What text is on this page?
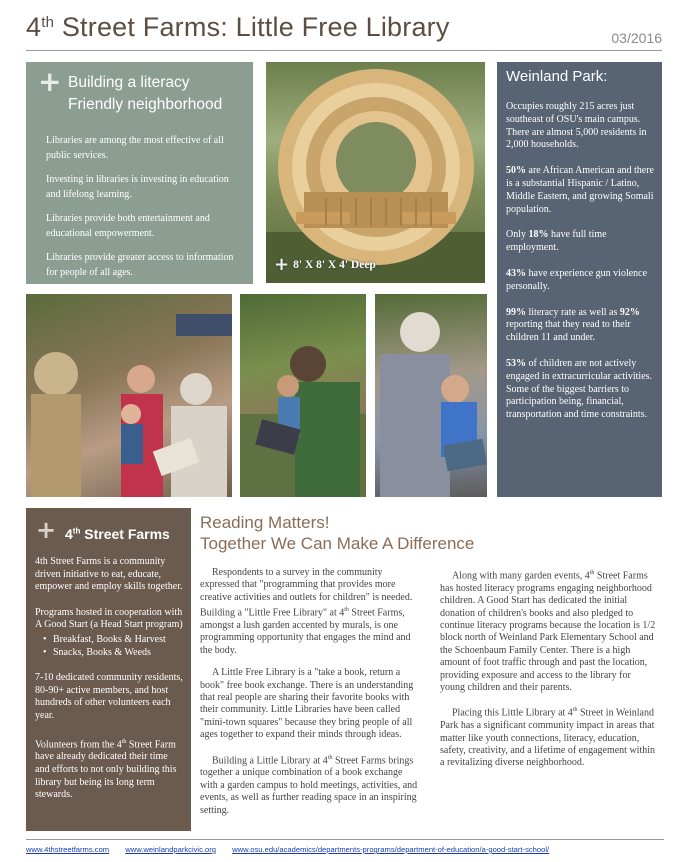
4th Street Farms: Little Free Library	03/2016
+ Building a literacy Friendly neighborhood

Libraries are among the most effective of all public services.

Investing in libraries is investing in education and lifelong learning.

Libraries provide both entertainment and educational empowerment.

Libraries provide greater access to information for people of all ages.	+ 8' X 8' X 4' Deep
Weinland Park:

Occupies roughly 215 acres just southeast of OSU's main campus. There are almost 5,000 residents in 2,000 households.

50% are African American and there is a substantial Hispanic / Latino, Middle Eastern, and growing Somali population.

Only 18% have full time employment.

43% have experience gun violence personally.

99% literacy rate as well as 92% reporting that they read to their children 11 and under.

53% of children are not actively engaged in extracurricular activities. Some of the biggest barriers to participation being, financial, transportation and time constraints.

+ 4th Street Farms

4th Street Farms is a community driven initiative to eat, educate, empower and employ skills together.

Programs hosted in cooperation with A Good Start (a Head Start program)

• Breakfast, Books & Harvest
• Snacks, Books & Weeds

7-10 dedicated community residents, 80-90+ active members, and host hundreds of other volunteers each year.

Volunteers from the 4th Street Farm have already dedicated their time and efforts to not only building this library but being its long term stewards.

Reading Matters!
Together We Can Make A Difference

Respondents to a survey in the community expressed that "programming that provides more creative activities and outlets for children" is needed. Building a "Little Free Library" at 4th Street Farms, amongst a lush garden accented by murals, is one programming opportunity that engages the mind and the body.

A Little Free Library is a "take a book, return a book" free book exchange. There is an understanding that real people are sharing their favorite books with their community. Little Libraries have been called "mini-town squares" because they bring people of all ages together to expand their minds through ideas.

Building a Little Library at 4th Street Farms brings together a unique combination of a book exchange with a garden campus to hold meetings, activities, and events, as well as further reading space in an inspiring setting.

Along with many garden events, 4th Street Farms has hosted literacy programs engaging neighborhood children. A Good Start has dedicated the initial donation of children's books and also pledged to continue literacy programs because the location is 1/2 block north of Weinland Park Elementary School and the Schoenbaum Family Center. There is a high amount of foot traffic through and past the location, providing exposure and access to the library for young children and their parents.

Placing this Little Library at 4th Street in Weinland Park has a significant community impact in areas that matter like youth connections, literacy, education, safety, creativity, and a lifetime of engagement within a revitalizing diverse neighborhood.

www.4thstreetfarms.com www.weinlandparkcivic.org www.osu.edu/academics/departments-programs/department-of-education/a-good-start-school/
